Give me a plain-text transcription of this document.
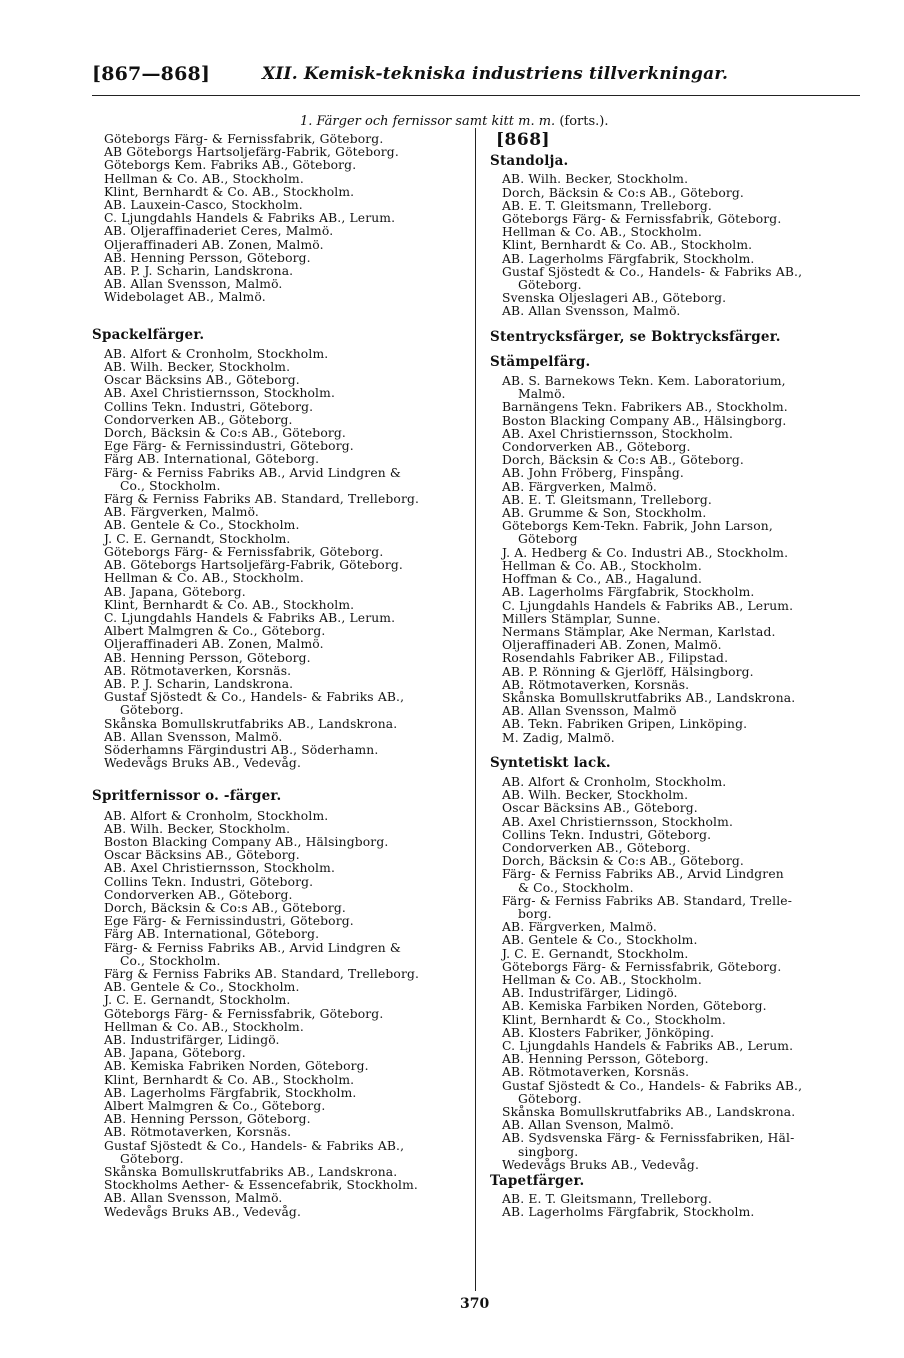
[867—868]	XII. Kemisk-tekniska industriens tillverkningar.
1. Färger och fernissor samt kitt m. m. (forts.).
Göteborgs Färg- & Fernissfabrik, Göteborg.
AB Göteborgs Hartsoljefärg-Fabrik, Göteborg.
Göteborgs Kem. Fabriks AB., Göteborg.
Hellman & Co. AB., Stockholm.
Klint, Bernhardt & Co. AB., Stockholm.
AB. Lauxein-Casco, Stockholm.
C. Ljungdahls Handels & Fabriks AB., Lerum.
AB. Oljeraffinaderiet Ceres, Malmö.
Oljeraffinaderi AB. Zonen, Malmö.
AB. Henning Persson, Göteborg.
AB. P. J. Scharin, Landskrona.
AB. Allan Svensson, Malmö.
Widebolaget AB., Malmö.
Spackelfärger.
AB. Alfort & Cronholm, Stockholm.
AB. Wilh. Becker, Stockholm.
Oscar Bäcksins AB., Göteborg.
AB. Axel Christiernsson, Stockholm.
Collins Tekn. Industri, Göteborg.
Condorverken AB., Göteborg.
Dorch, Bäcksin & Co:s AB., Göteborg.
Ege Färg- & Fernissindustri, Göteborg.
Färg AB. International, Göteborg.
Färg- & Ferniss Fabriks AB., Arvid Lindgren &
Co., Stockholm.
Färg & Ferniss Fabriks AB. Standard, Trelleborg.
AB. Färgverken, Malmö.
AB. Gentele & Co., Stockholm.
J. C. E. Gernandt, Stockholm.
Göteborgs Färg- & Fernissfabrik, Göteborg.
AB. Göteborgs Hartsoljefärg-Fabrik, Göteborg.
Hellman & Co. AB., Stockholm.
AB. Japana, Göteborg.
Klint, Bernhardt & Co. AB., Stockholm.
C. Ljungdahls Handels & Fabriks AB., Lerum.
Albert Malmgren & Co., Göteborg.
Oljeraffinaderi AB. Zonen, Malmö.
AB. Henning Persson, Göteborg.
AB. Rötmotaverken, Korsnäs.
AB. P. J. Scharin, Landskrona.
Gustaf Sjöstedt & Co., Handels- & Fabriks AB.,
Göteborg.
Skånska Bomullskrutfabriks AB., Landskrona.
AB. Allan Svensson, Malmö.
Söderhamns Färgindustri AB., Söderhamn.
Wedevågs Bruks AB., Vedevåg.
Spritfernissor o. -färger.
AB. Alfort & Cronholm, Stockholm.
AB. Wilh. Becker, Stockholm.
Boston Blacking Company AB., Hälsingborg.
Oscar Bäcksins AB., Göteborg.
AB. Axel Christiernsson, Stockholm.
Collins Tekn. Industri, Göteborg.
Condorverken AB., Göteborg.
Dorch, Bäcksin & Co:s AB., Göteborg.
Ege Färg- & Fernissindustri, Göteborg.
Färg AB. International, Göteborg.
Färg- & Ferniss Fabriks AB., Arvid Lindgren &
Co., Stockholm.
Färg & Ferniss Fabriks AB. Standard, Trelleborg.
AB. Gentele & Co., Stockholm.
J. C. E. Gernandt, Stockholm.
Göteborgs Färg- & Fernissfabrik, Göteborg.
Hellman & Co. AB., Stockholm.
AB. Industrifärger, Lidingö.
AB. Japana, Göteborg.
AB. Kemiska Fabriken Norden, Göteborg.
Klint, Bernhardt & Co. AB., Stockholm.
AB. Lagerholms Färgfabrik, Stockholm.
Albert Malmgren & Co., Göteborg.
AB. Henning Persson, Göteborg.
AB. Rötmotaverken, Korsnäs.
Gustaf Sjöstedt & Co., Handels- & Fabriks AB.,
Göteborg.
Skånska Bomullskrutfabriks AB., Landskrona.
Stockholms Aether- & Essencefabrik, Stockholm.
AB. Allan Svensson, Malmö.
Wedevågs Bruks AB., Vedevåg.
[868]
Standolja.
AB. Wilh. Becker, Stockholm.
Dorch, Bäcksin & Co:s AB., Göteborg.
AB. E. T. Gleitsmann, Trelleborg.
Göteborgs Färg- & Fernissfabrik, Göteborg.
Hellman & Co. AB., Stockholm.
Klint, Bernhardt & Co. AB., Stockholm.
AB. Lagerholms Färgfabrik, Stockholm.
Gustaf Sjöstedt & Co., Handels- & Fabriks AB.,
Göteborg.
Svenska Oljeslageri AB., Göteborg.
AB. Allan Svensson, Malmö.
Stentrycksfärger, se Boktrycksfärger.
Stämpelfärg.
AB. S. Barnekows Tekn. Kem. Laboratorium,
Malmö.
Barnängens Tekn. Fabrikers AB., Stockholm.
Boston Blacking Company AB., Hälsingborg.
AB. Axel Christiernsson, Stockholm.
Condorverken AB., Göteborg.
Dorch, Bäcksin & Co:s AB., Göteborg.
AB. John Fröberg, Finspång.
AB. Färgverken, Malmö.
AB. E. T. Gleitsmann, Trelleborg.
AB. Grumme & Son, Stockholm.
Göteborgs Kem-Tekn. Fabrik, John Larson,
Göteborg
J. A. Hedberg & Co. Industri AB., Stockholm.
Hellman & Co. AB., Stockholm.
Hoffman & Co., AB., Hagalund.
AB. Lagerholms Färgfabrik, Stockholm.
C. Ljungdahls Handels & Fabriks AB., Lerum.
Millers Stämplar, Sunne.
Nermans Stämplar, Ake Nerman, Karlstad.
Oljeraffinaderi AB. Zonen, Malmö.
Rosendahls Fabriker AB., Filipstad.
AB. P. Rönning & Gjerlöff, Hälsingborg.
AB. Rötmotaverken, Korsnäs.
Skånska Bomullskrutfabriks AB., Landskrona.
AB. Allan Svensson, Malmö
AB. Tekn. Fabriken Gripen, Linköping.
M. Zadig, Malmö.
Syntetiskt lack.
AB. Alfort & Cronholm, Stockholm.
AB. Wilh. Becker, Stockholm.
Oscar Bäcksins AB., Göteborg.
AB. Axel Christiernsson, Stockholm.
Collins Tekn. Industri, Göteborg.
Condorverken AB., Göteborg.
Dorch, Bäcksin & Co:s AB., Göteborg.
Färg- & Ferniss Fabriks AB., Arvid Lindgren
& Co., Stockholm.
Färg- & Ferniss Fabriks AB. Standard, Trelle-
borg.
AB. Färgverken, Malmö.
AB. Gentele & Co., Stockholm.
J. C. E. Gernandt, Stockholm.
Göteborgs Färg- & Fernissfabrik, Göteborg.
Hellman & Co. AB., Stockholm.
AB. Industrifärger, Lidingö.
AB. Kemiska Farbiken Norden, Göteborg.
Klint, Bernhardt & Co., Stockholm.
AB. Klosters Fabriker, Jönköping.
C. Ljungdahls Handels & Fabriks AB., Lerum.
AB. Henning Persson, Göteborg.
AB. Rötmotaverken, Korsnäs.
Gustaf Sjöstedt & Co., Handels- & Fabriks AB.,
Göteborg.
Skånska Bomullskrutfabriks AB., Landskrona.
AB. Allan Svenson, Malmö.
AB. Sydsvenska Färg- & Fernissfabriken, Häl-
singborg.
Wedevågs Bruks AB., Vedevåg.
Tapetfärger.
AB. E. T. Gleitsmann, Trelleborg.
AB. Lagerholms Färgfabrik, Stockholm.
370
